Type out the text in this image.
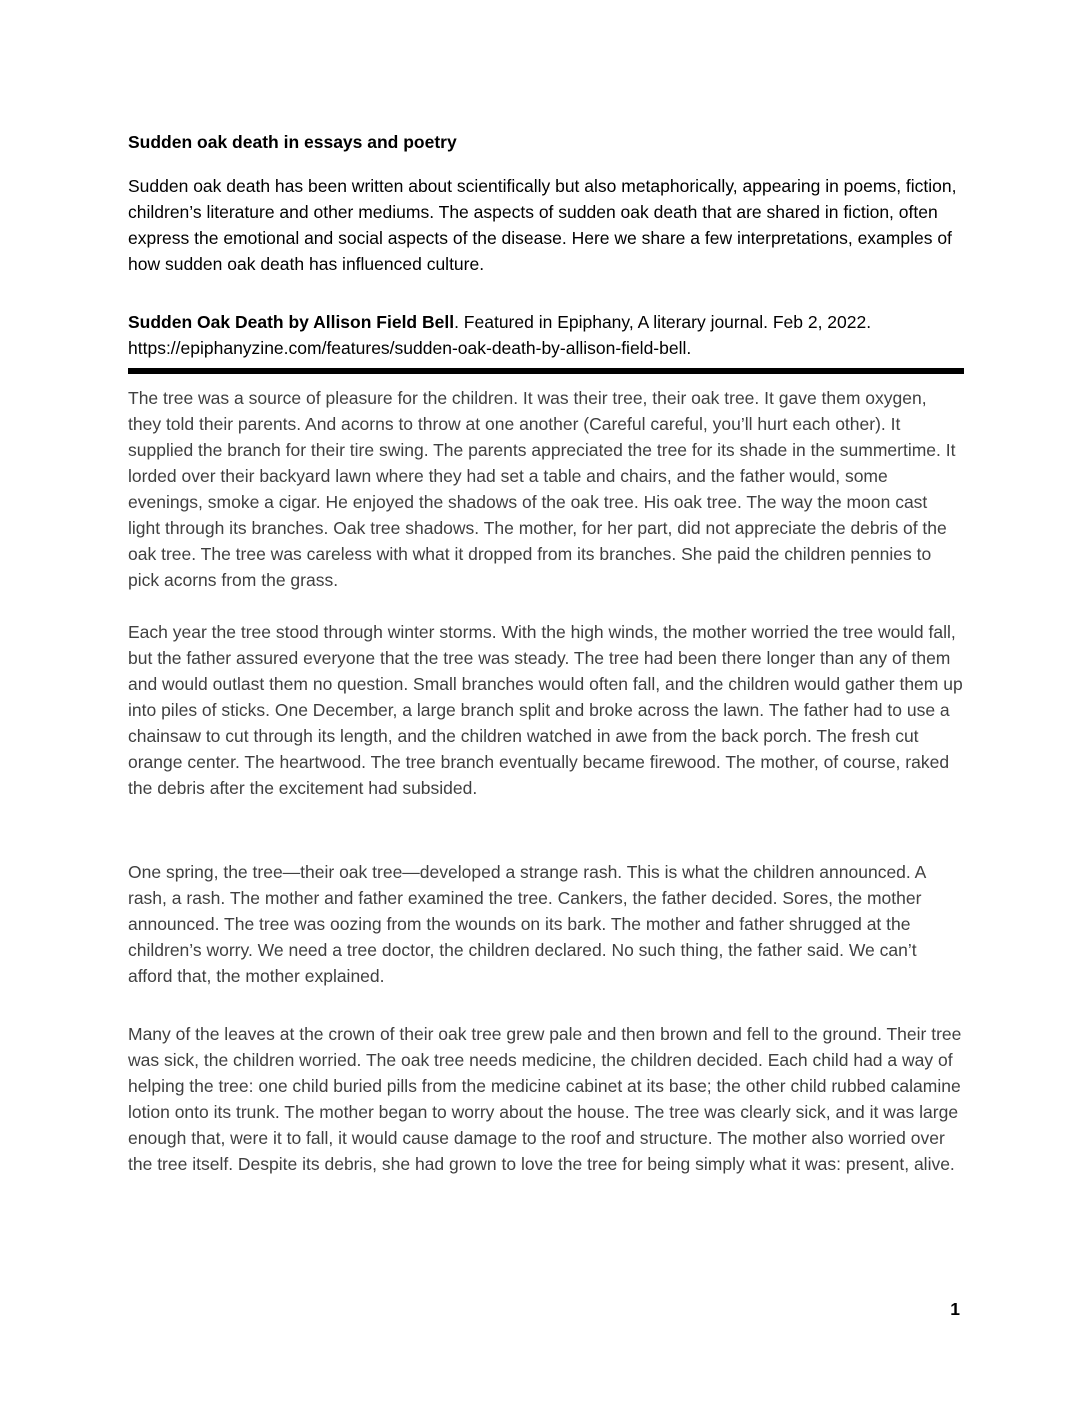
Sudden oak death in essays and poetry

Sudden oak death has been written about scientifically but also metaphorically, appearing in poems, fiction, children’s literature and other mediums. The aspects of sudden oak death that are shared in fiction, often express the emotional and social aspects of the disease. Here we share a few interpretations, examples of how sudden oak death has influenced culture.

Sudden Oak Death by Allison Field Bell. Featured in Epiphany, A literary journal. Feb 2, 2022. https://epiphanyzine.com/features/sudden-oak-death-by-allison-field-bell.

The tree was a source of pleasure for the children. It was their tree, their oak tree. It gave them oxygen, they told their parents. And acorns to throw at one another (Careful careful, you’ll hurt each other). It supplied the branch for their tire swing. The parents appreciated the tree for its shade in the summertime. It lorded over their backyard lawn where they had set a table and chairs, and the father would, some evenings, smoke a cigar. He enjoyed the shadows of the oak tree. His oak tree. The way the moon cast light through its branches. Oak tree shadows. The mother, for her part, did not appreciate the debris of the oak tree. The tree was careless with what it dropped from its branches. She paid the children pennies to pick acorns from the grass.

Each year the tree stood through winter storms. With the high winds, the mother worried the tree would fall, but the father assured everyone that the tree was steady. The tree had been there longer than any of them and would outlast them no question. Small branches would often fall, and the children would gather them up into piles of sticks. One December, a large branch split and broke across the lawn. The father had to use a chainsaw to cut through its length, and the children watched in awe from the back porch. The fresh cut orange center. The heartwood. The tree branch eventually became firewood. The mother, of course, raked the debris after the excitement had subsided.

One spring, the tree—their oak tree—developed a strange rash. This is what the children announced. A rash, a rash. The mother and father examined the tree. Cankers, the father decided. Sores, the mother announced. The tree was oozing from the wounds on its bark. The mother and father shrugged at the children’s worry. We need a tree doctor, the children declared. No such thing, the father said. We can’t afford that, the mother explained.

Many of the leaves at the crown of their oak tree grew pale and then brown and fell to the ground. Their tree was sick, the children worried. The oak tree needs medicine, the children decided. Each child had a way of helping the tree: one child buried pills from the medicine cabinet at its base; the other child rubbed calamine lotion onto its trunk. The mother began to worry about the house. The tree was clearly sick, and it was large enough that, were it to fall, it would cause damage to the roof and structure. The mother also worried over the tree itself. Despite its debris, she had grown to love the tree for being simply what it was: present, alive.

1
